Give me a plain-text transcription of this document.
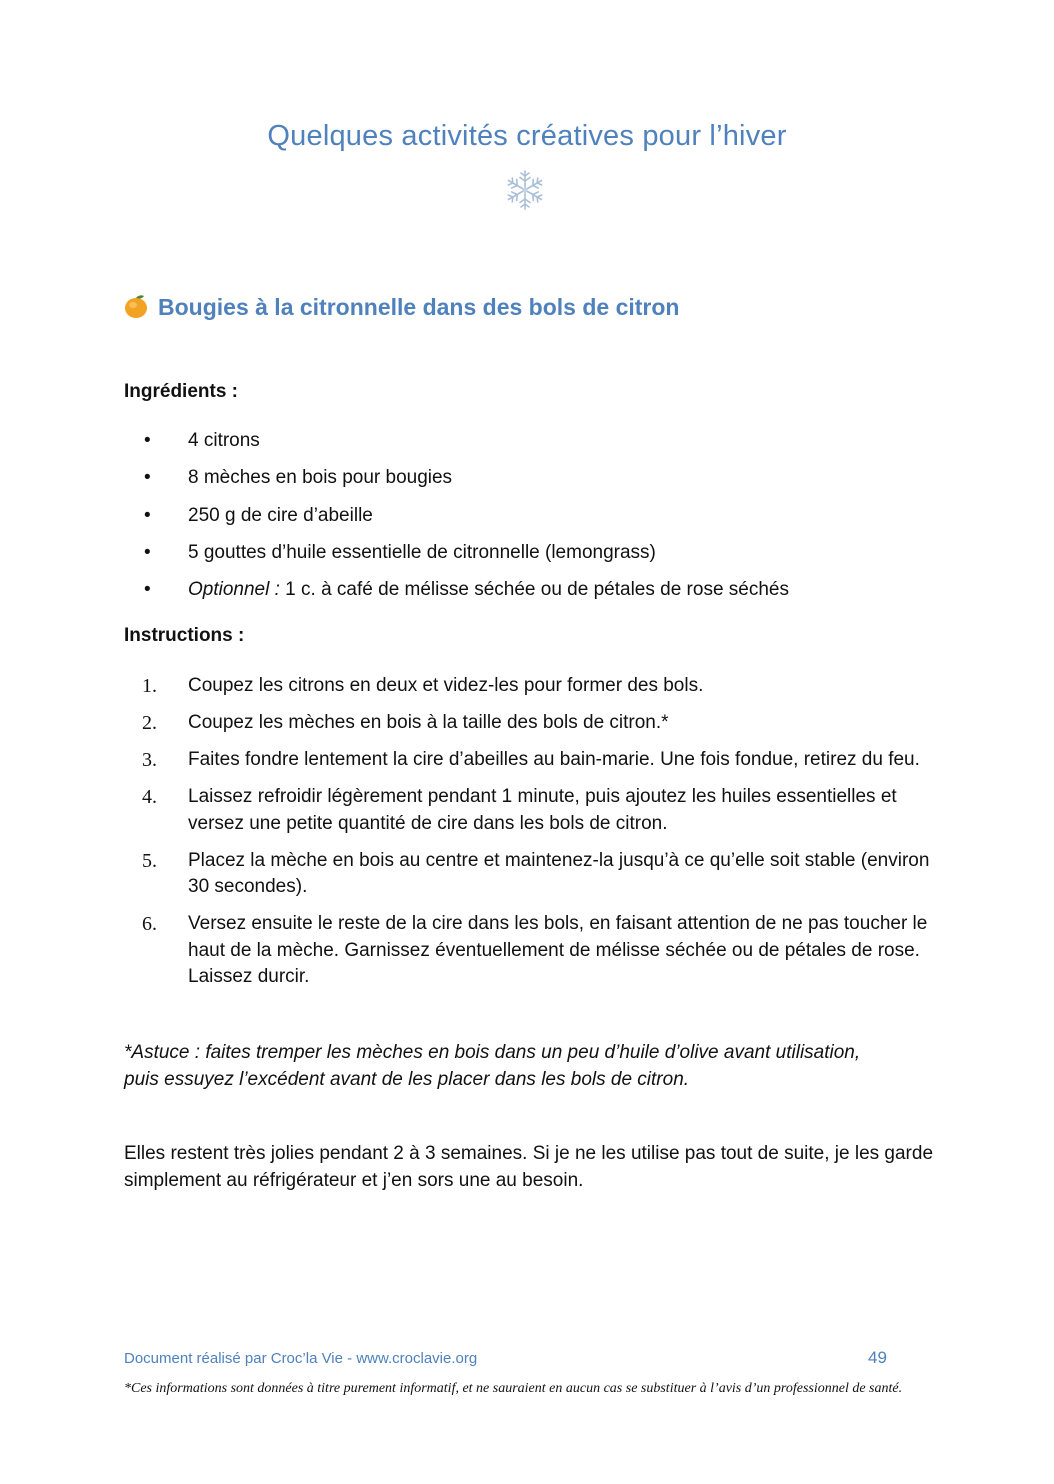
Quelques activités créatives pour l’hiver
Bougies à la citronnelle dans des bols de citron
Ingrédients :
• 4 citrons
• 8 mèches en bois pour bougies
• 250 g de cire d’abeille
• 5 gouttes d’huile essentielle de citronnelle (lemongrass)
• Optionnel : 1 c. à café de mélisse séchée ou de pétales de rose séchés
Instructions :
1. Coupez les citrons en deux et videz-les pour former des bols.
2. Coupez les mèches en bois à la taille des bols de citron.*
3. Faites fondre lentement la cire d’abeilles au bain-marie. Une fois fondue, retirez du feu.
4. Laissez refroidir légèrement pendant 1 minute, puis ajoutez les huiles essentielles et versez une petite quantité de cire dans les bols de citron.
5. Placez la mèche en bois au centre et maintenez-la jusqu’à ce qu’elle soit stable (environ 30 secondes).
6. Versez ensuite le reste de la cire dans les bols, en faisant attention de ne pas toucher le haut de la mèche. Garnissez éventuellement de mélisse séchée ou de pétales de rose. Laissez durcir.
*Astuce : faites tremper les mèches en bois dans un peu d’huile d’olive avant utilisation, puis essuyez l’excédent avant de les placer dans les bols de citron.
Elles restent très jolies pendant 2 à 3 semaines. Si je ne les utilise pas tout de suite, je les garde simplement au réfrigérateur et j’en sors une au besoin.
Document réalisé par Croc’la Vie - www.croclavie.org	49
*Ces informations sont données à titre purement informatif, et ne sauraient en aucun cas se substituer à l’avis d’un professionnel de santé.
